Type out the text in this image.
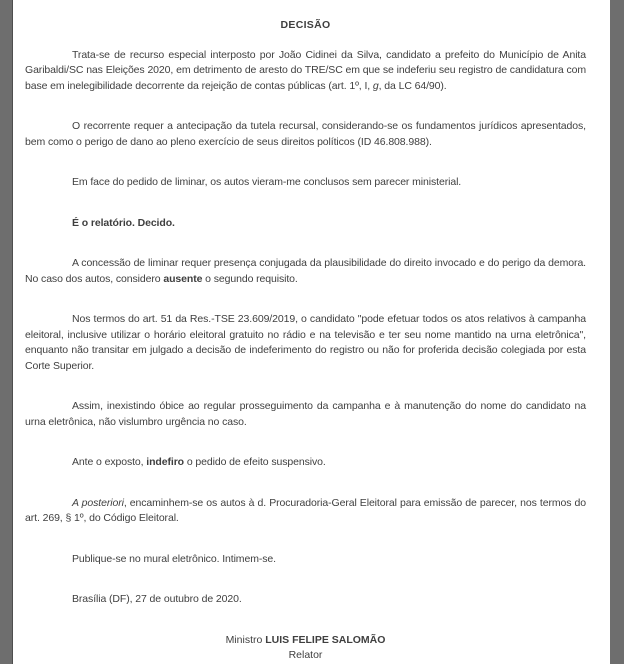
DECISÃO

Trata-se de recurso especial interposto por João Cidinei da Silva, candidato a prefeito do Município de Anita Garibaldi/SC nas Eleições 2020, em detrimento de aresto do TRE/SC em que se indeferiu seu registro de candidatura com base em inelegibilidade decorrente da rejeição de contas públicas (art. 1º, I, g, da LC 64/90).

O recorrente requer a antecipação da tutela recursal, considerando-se os fundamentos jurídicos apresentados, bem como o perigo de dano ao pleno exercício de seus direitos políticos (ID 46.808.988).

Em face do pedido de liminar, os autos vieram-me conclusos sem parecer ministerial.

É o relatório. Decido.

A concessão de liminar requer presença conjugada da plausibilidade do direito invocado e do perigo da demora. No caso dos autos, considero ausente o segundo requisito.

Nos termos do art. 51 da Res.-TSE 23.609/2019, o candidato "pode efetuar todos os atos relativos à campanha eleitoral, inclusive utilizar o horário eleitoral gratuito no rádio e na televisão e ter seu nome mantido na urna eletrônica", enquanto não transitar em julgado a decisão de indeferimento do registro ou não for proferida decisão colegiada por esta Corte Superior.

Assim, inexistindo óbice ao regular prosseguimento da campanha e à manutenção do nome do candidato na urna eletrônica, não vislumbro urgência no caso.

Ante o exposto, indefiro o pedido de efeito suspensivo.

A posteriori, encaminhem-se os autos à d. Procuradoria-Geral Eleitoral para emissão de parecer, nos termos do art. 269, § 1º, do Código Eleitoral.

Publique-se no mural eletrônico. Intimem-se.

Brasília (DF), 27 de outubro de 2020.

Ministro LUIS FELIPE SALOMÃO
Relator
